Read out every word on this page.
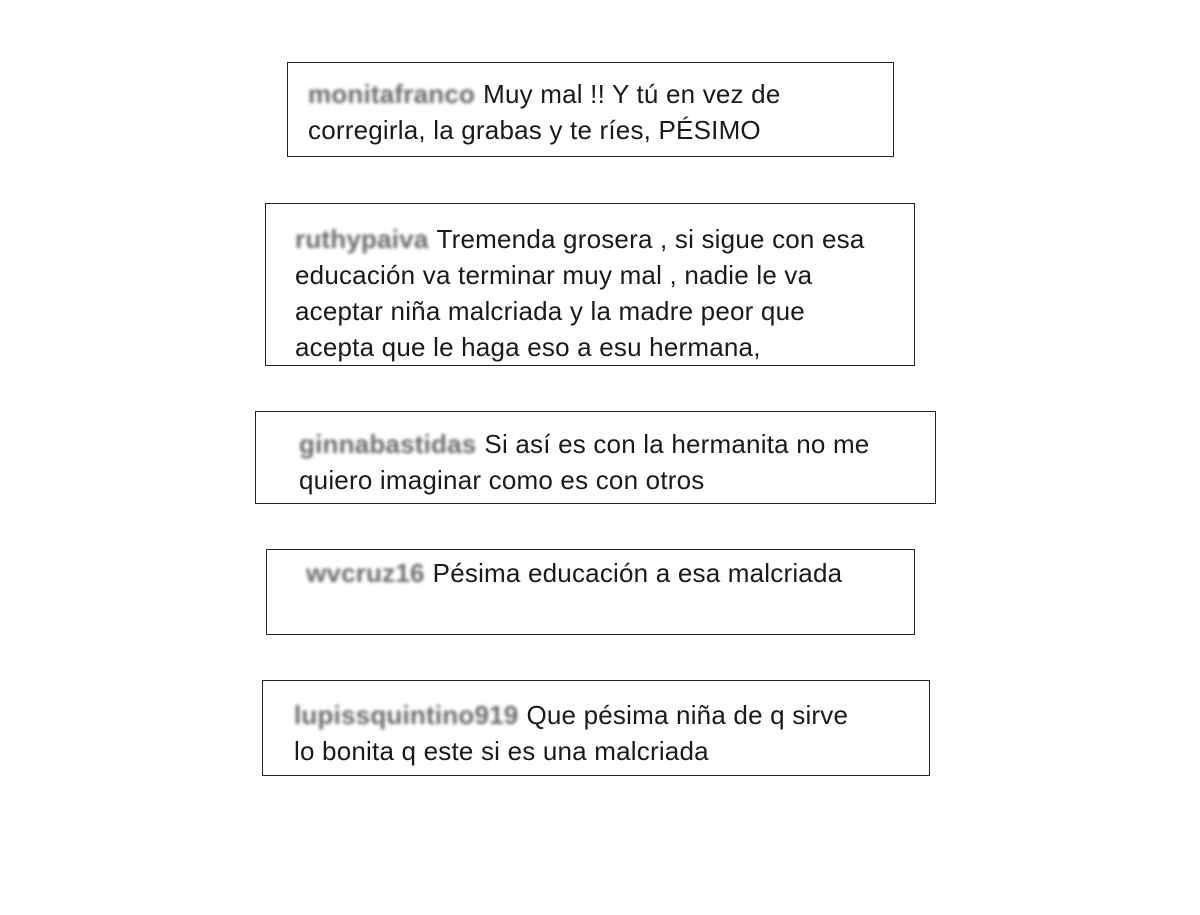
monitafranco Muy mal !! Y tú en vez de corregirla, la grabas y te ríes, PÉSIMO
ruthypaiva Tremenda grosera , si sigue con esa educación va terminar muy mal , nadie le va aceptar niña malcriada y la madre peor que acepta que le haga eso a esu hermana,
ginnabastidas Si así es con la hermanita no me quiero imaginar como es con otros
wvcruz16 Pésima educación a esa malcriada
lupissquintino919 Que pésima niña de q sirve lo bonita q este si es una malcriada
